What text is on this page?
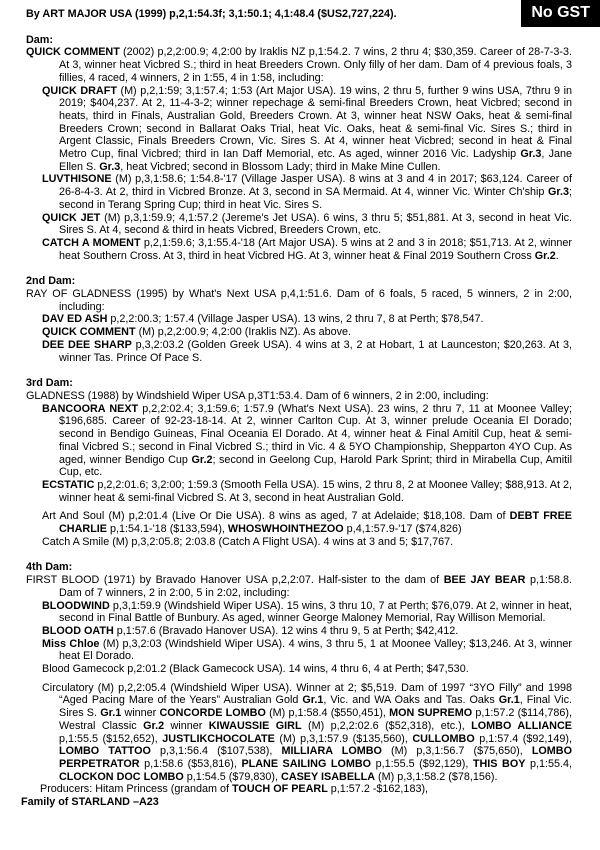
By ART MAJOR USA (1999) p,2,1:54.3f; 3,1:50.1; 4,1:48.4 ($US2,727,224).	No GST
Dam:

QUICK COMMENT (2002) p,2,2:00.9; 4,2:00 by Iraklis NZ p,1:54.2. 7 wins, 2 thru 4; $30,359. Career of 28-7-3-3. At 3, winner heat Vicbred S.; third in heat Breeders Crown. Only filly of her dam. Dam of 4 previous foals, 3 fillies, 4 raced, 4 winners, 2 in 1:55, 4 in 1:58, including:

QUICK DRAFT (M) p,2,1:59; 3,1:57.4; 1:53 (Art Major USA). 19 wins, 2 thru 5, further 9 wins USA, 7thru 9 in 2019; $404,237. At 2, 11-4-3-2; winner repechage & semi-final Breeders Crown, heat Vicbred; second in heats, third in Finals, Australian Gold, Breeders Crown. At 3, winner heat NSW Oaks, heat & semi-final Breeders Crown; second in Ballarat Oaks Trial, heat Vic. Oaks, heat & semi-final Vic. Sires S.; third in Argent Classic, Finals Breeders Crown, Vic. Sires S. At 4, winner heat Vicbred; second in heat & Final Metro Cup, final Vicbred; third in Ian Daff Memorial, etc. As aged, winner 2016 Vic. Ladyship Gr.3, Jane Ellen S. Gr.3, heat Vicbred; second in Blossom Lady; third in Make Mine Cullen.

LUVTHISONE (M) p,3,1:58.6; 1:54.8-'17 (Village Jasper USA). 8 wins at 3 and 4 in 2017; $63,124. Career of 26-8-4-3. At 2, third in Vicbred Bronze. At 3, second in SA Mermaid. At 4, winner Vic. Winter Ch'ship Gr.3; second in Terang Spring Cup; third in heat Vic. Sires S.

QUICK JET (M) p,3,1:59.9; 4,1:57.2 (Jereme's Jet USA). 6 wins, 3 thru 5; $51,881. At 3, second in heat Vic. Sires S. At 4, second & third in heats Vicbred, Breeders Crown, etc.

CATCH A MOMENT p,2,1:59.6; 3,1:55.4-'18 (Art Major USA). 5 wins at 2 and 3 in 2018; $51,713. At 2, winner heat Southern Cross. At 3, third in heat Vicbred HG. At 3, winner heat & Final 2019 Southern Cross Gr.2.

2nd Dam:

RAY OF GLADNESS (1995) by What's Next USA p,4,1:51.6. Dam of 6 foals, 5 raced, 5 winners, 2 in 2:00, including:

DAV ED ASH p,2,2:00.3; 1:57.4 (Village Jasper USA). 13 wins, 2 thru 7, 8 at Perth; $78,547.

QUICK COMMENT (M) p,2,2:00.9; 4,2:00 (Iraklis NZ). As above.

DEE DEE SHARP p,3,2:03.2 (Golden Greek USA). 4 wins at 3, 2 at Hobart, 1 at Launceston; $20,263. At 3, winner Tas. Prince Of Pace S.

3rd Dam:

GLADNESS (1988) by Windshield Wiper USA p,3T1:53.4. Dam of 6 winners, 2 in 2:00, including:

BANCOORA NEXT p,2,2:02.4; 3,1:59.6; 1:57.9 (What's Next USA). 23 wins, 2 thru 7, 11 at Moonee Valley; $196,685. Career of 92-23-18-14. At 2, winner Carlton Cup. At 3, winner prelude Oceania El Dorado; second in Bendigo Guineas, Final Oceania El Dorado. At 4, winner heat & Final Amitil Cup, heat & semi-final Vicbred S.; second in Final Vicbred S.; third in Vic. 4 & 5YO Championship, Shepparton 4YO Cup. As aged, winner Bendigo Cup Gr.2; second in Geelong Cup, Harold Park Sprint; third in Mirabella Cup, Amitil Cup, etc.

ECSTATIC p,2,2:01.6; 3,2:00; 1:59.3 (Smooth Fella USA). 15 wins, 2 thru 8, 2 at Moonee Valley; $88,913. At 2, winner heat & semi-final Vicbred S. At 3, second in heat Australian Gold.

Art And Soul (M) p,2:01.4 (Live Or Die USA). 8 wins as aged, 7 at Adelaide; $18,108. Dam of DEBT FREE CHARLIE p,1:54.1-'18 ($133,594), WHOSWHOINTHEZOO p,4,1:57.9-'17 ($74,826)

Catch A Smile (M) p,3,2:05.8; 2:03.8 (Catch A Flight USA). 4 wins at 3 and 5; $17,767.

4th Dam:

FIRST BLOOD (1971) by Bravado Hanover USA p,2,2:07. Half-sister to the dam of BEE JAY BEAR p,1:58.8. Dam of 7 winners, 2 in 2:00, 5 in 2:02, including:

BLOODWIND p,3,1:59.9 (Windshield Wiper USA). 15 wins, 3 thru 10, 7 at Perth; $76,079. At 2, winner in heat, second in Final Battle of Bunbury. As aged, winner George Maloney Memorial, Ray Willison Memorial.

BLOOD OATH p,1:57.6 (Bravado Hanover USA). 12 wins 4 thru 9, 5 at Perth; $42,412.

Miss Chloe (M) p,3,2:03 (Windshield Wiper USA). 4 wins, 3 thru 5, 1 at Moonee Valley; $13,246. At 3, winner heat El Dorado.

Blood Gamecock p,2:01.2 (Black Gamecock USA). 14 wins, 4 thru 6, 4 at Perth; $47,530.

Circulatory (M) p,2,2:05.4 (Windshield Wiper USA). Winner at 2; $5,519. Dam of 1997 “3YO Filly” and 1998 “Aged Pacing Mare of the Years” Australian Gold Gr.1, Vic. and WA Oaks and Tas. Oaks Gr.1, Final Vic. Sires S. Gr.1 winner CONCORDE LOMBO (M) p,1:58.4 ($550,451), MON SUPREMO p,1:57.2 ($114,786), Westral Classic Gr.2 winner KIWAUSSIE GIRL (M) p,2,2:02.6 ($52,318), etc.), LOMBO ALLIANCE p,1:55.5 ($152,652), JUSTLIKCHOCOLATE (M) p,3,1:57.9 ($135,560), CULLOMBO p,1:57.4 ($92,149), LOMBO TATTOO p,3,1:56.4 ($107,538), MILLIARA LOMBO (M) p,3,1:56.7 ($75,650), LOMBO PERPETRATOR p,1:58.6 ($53,816), PLANE SAILING LOMBO p,1:55.5 ($92,129), THIS BOY p,1:55.4, CLOCKON DOC LOMBO p,1:54.5 ($79,830), CASEY ISABELLA (M) p,3,1:58.2 ($78,156).

Producers: Hitam Princess (grandam of TOUCH OF PEARL p,1:57.2 -$162,183),

Family of STARLAND –A23
